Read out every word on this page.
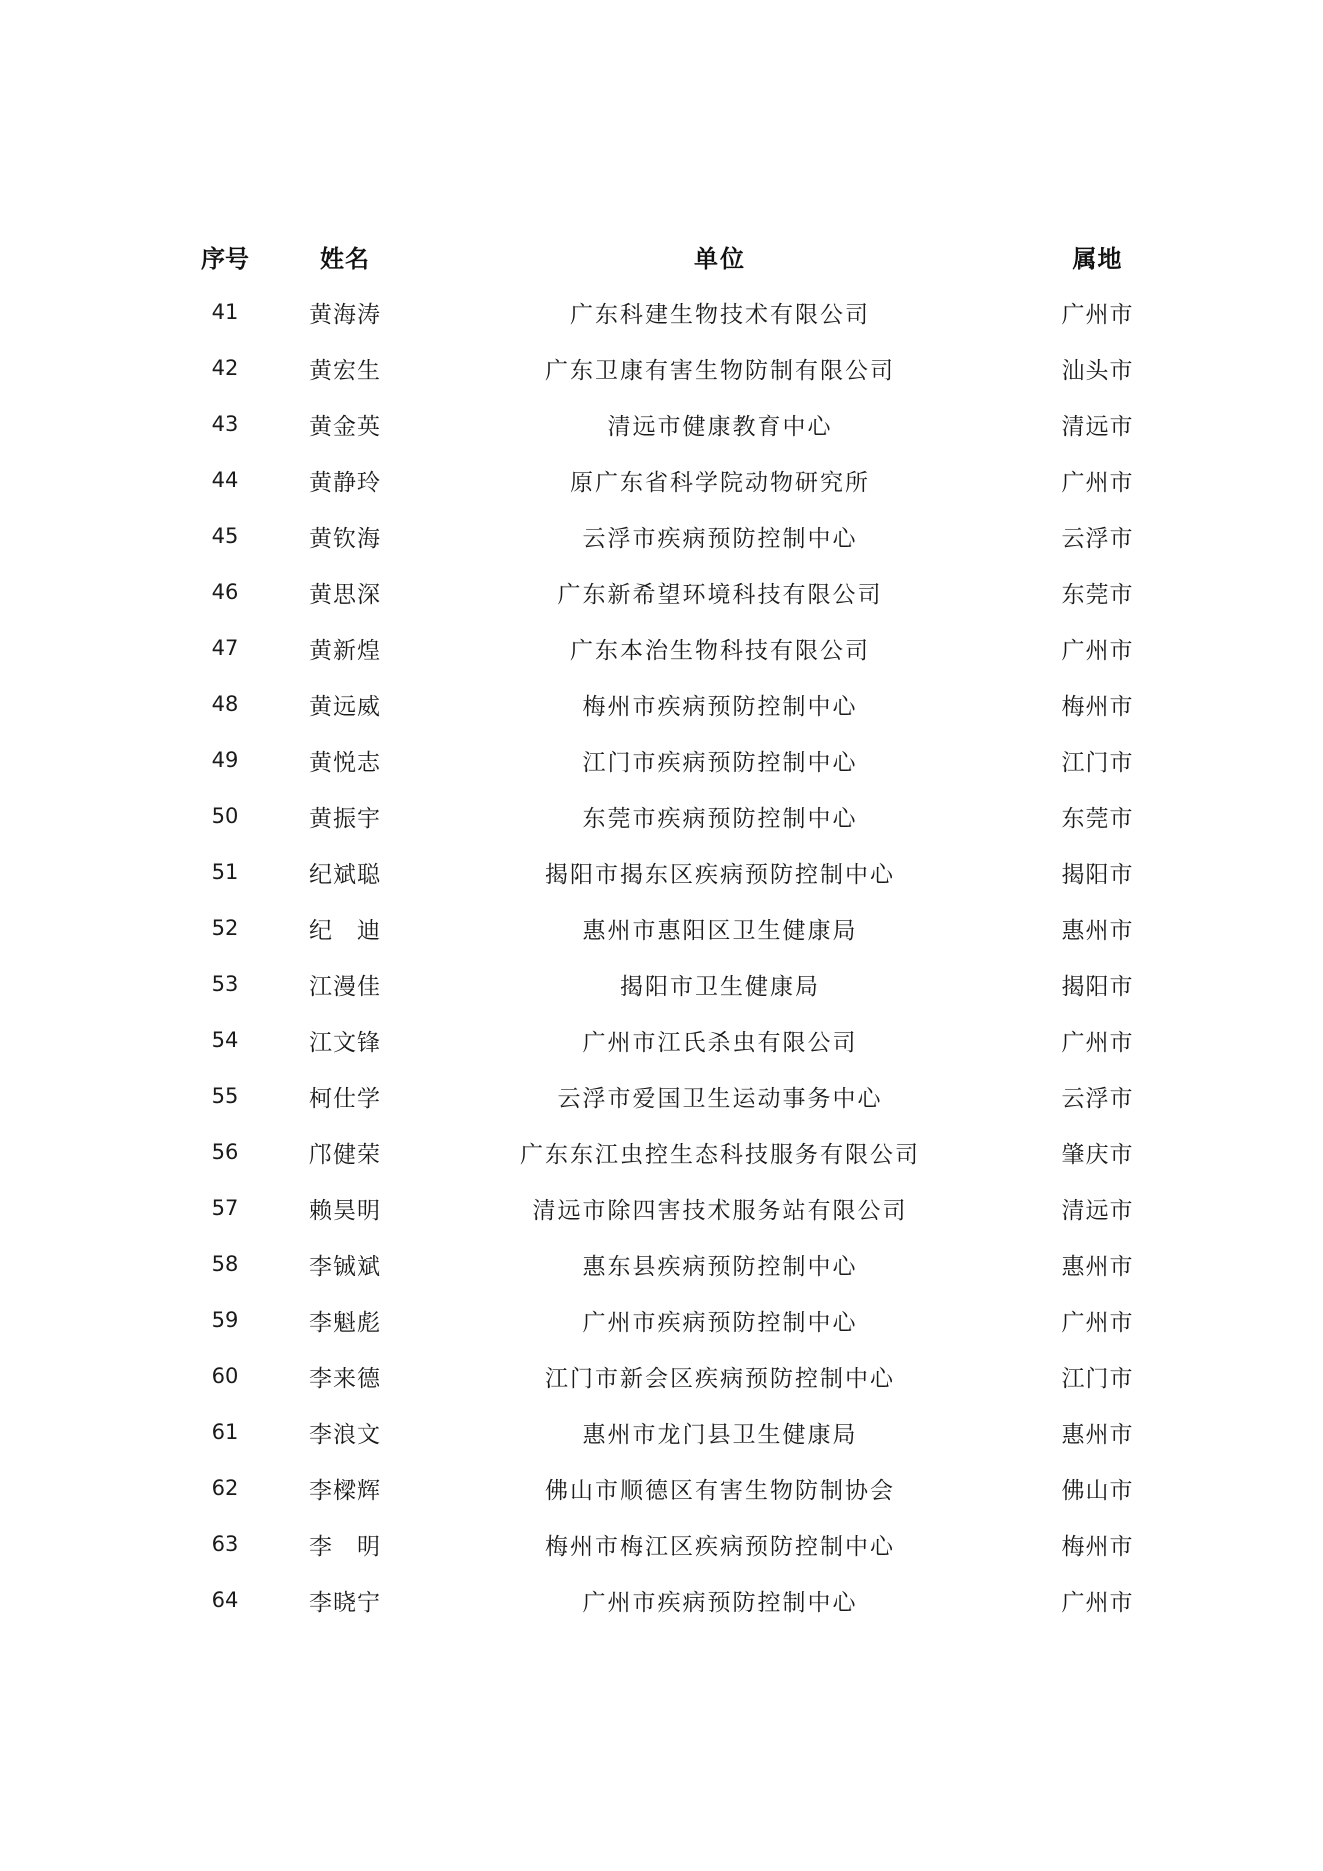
序号	姓名	单位	属地
41	黄海涛	广东科建生物技术有限公司	广州市
42	黄宏生	广东卫康有害生物防制有限公司	汕头市
43	黄金英	清远市健康教育中心	清远市
44	黄静玲	原广东省科学院动物研究所	广州市
45	黄钦海	云浮市疾病预防控制中心	云浮市
46	黄思深	广东新希望环境科技有限公司	东莞市
47	黄新煌	广东本治生物科技有限公司	广州市
48	黄远威	梅州市疾病预防控制中心	梅州市
49	黄悦志	江门市疾病预防控制中心	江门市
50	黄振宇	东莞市疾病预防控制中心	东莞市
51	纪斌聪	揭阳市揭东区疾病预防控制中心	揭阳市
52	纪　迪	惠州市惠阳区卫生健康局	惠州市
53	江漫佳	揭阳市卫生健康局	揭阳市
54	江文锋	广州市江氏杀虫有限公司	广州市
55	柯仕学	云浮市爱国卫生运动事务中心	云浮市
56	邝健荣	广东东江虫控生态科技服务有限公司	肇庆市
57	赖昊明	清远市除四害技术服务站有限公司	清远市
58	李铖斌	惠东县疾病预防控制中心	惠州市
59	李魁彪	广州市疾病预防控制中心	广州市
60	李来德	江门市新会区疾病预防控制中心	江门市
61	李浪文	惠州市龙门县卫生健康局	惠州市
62	李樑辉	佛山市顺德区有害生物防制协会	佛山市
63	李　明	梅州市梅江区疾病预防控制中心	梅州市
64	李晓宁	广州市疾病预防控制中心	广州市
